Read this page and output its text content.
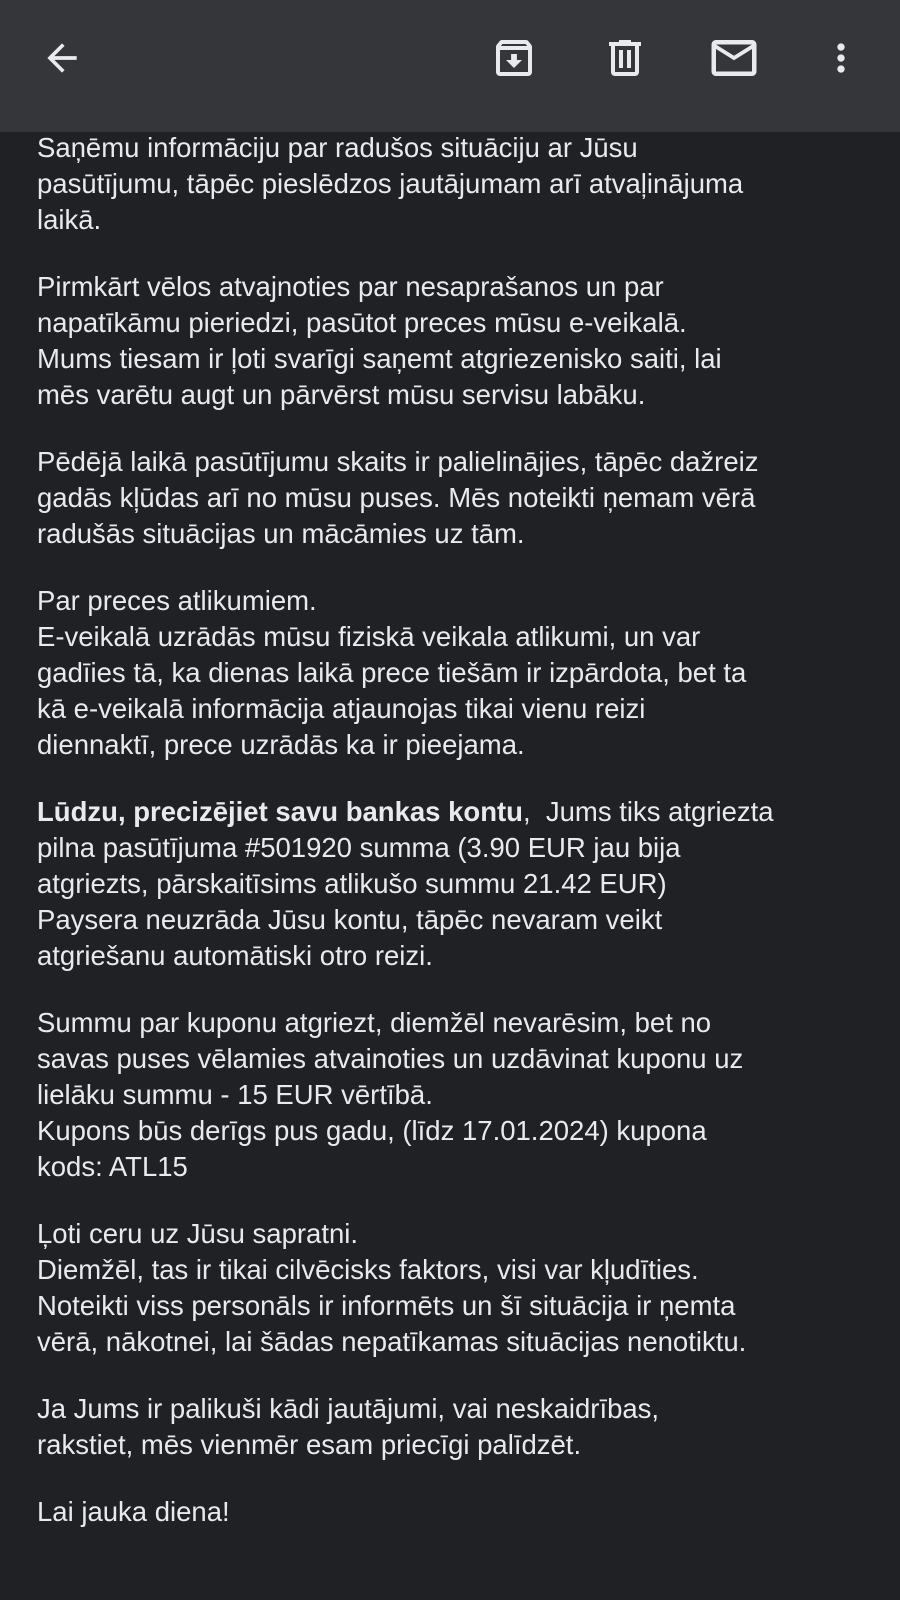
Saņēmu informāciju par radušos situāciju ar Jūsu
pasūtījumu, tāpēc pieslēdzos jautājumam arī atvaļinājuma
laikā.

Pirmkārt vēlos atvajnoties par nesaprašanos un par
napatīkāmu pieriedzi, pasūtot preces mūsu e-veikalā.
Mums tiesam ir ļoti svarīgi saņemt atgriezenisko saiti, lai
mēs varētu augt un pārvērst mūsu servisu labāku.

Pēdējā laikā pasūtījumu skaits ir palielinājies, tāpēc dažreiz
gadās kļūdas arī no mūsu puses. Mēs noteikti ņemam vērā
radušās situācijas un mācāmies uz tām.

Par preces atlikumiem.
E-veikalā uzrādās mūsu fiziskā veikala atlikumi, un var
gadīies tā, ka dienas laikā prece tiešām ir izpārdota, bet ta
kā e-veikalā informācija atjaunojas tikai vienu reizi
diennaktī, prece uzrādās ka ir pieejama.

Lūdzu, precizējiet savu bankas kontu,  Jums tiks atgriezta
pilna pasūtījuma #501920 summa (3.90 EUR jau bija
atgriezts, pārskaitīsims atlikušo summu 21.42 EUR)
Paysera neuzrāda Jūsu kontu, tāpēc nevaram veikt
atgriešanu automātiski otro reizi.

Summu par kuponu atgriezt, diemžēl nevarēsim, bet no
savas puses vēlamies atvainoties un uzdāvinat kuponu uz
lielāku summu - 15 EUR vērtībā.
Kupons būs derīgs pus gadu, (līdz 17.01.2024) kupona
kods: ATL15

Ļoti ceru uz Jūsu sapratni.
Diemžēl, tas ir tikai cilvēcisks faktors, visi var kļudīties.
Noteikti viss personāls ir informēts un šī situācija ir ņemta
vērā, nākotnei, lai šādas nepatīkamas situācijas nenotiktu.

Ja Jums ir palikuši kādi jautājumi, vai neskaidrības,
rakstiet, mēs vienmēr esam priecīgi palīdzēt.

Lai jauka diena!
